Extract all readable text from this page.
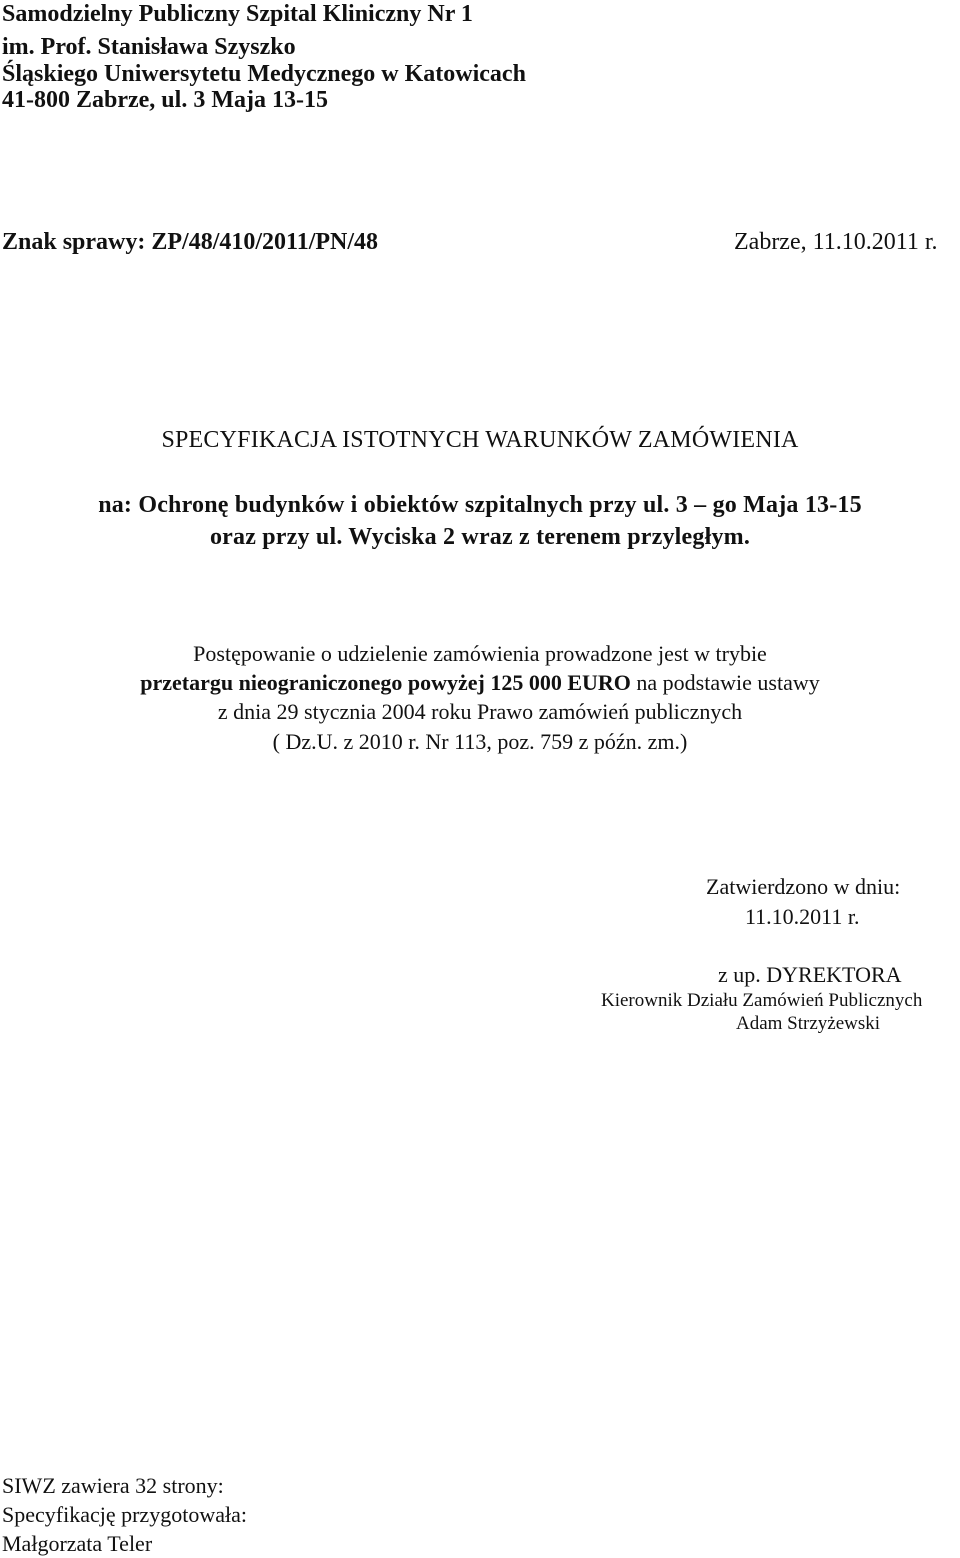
Samodzielny Publiczny Szpital Kliniczny Nr 1
im. Prof. Stanisława Szyszko
Śląskiego Uniwersytetu Medycznego w Katowicach
41-800 Zabrze, ul. 3 Maja 13-15
Znak sprawy: ZP/48/410/2011/PN/48	Zabrze, 11.10.2011 r.
SPECYFIKACJA ISTOTNYCH WARUNKÓW ZAMÓWIENIA
na: Ochronę budynków i obiektów szpitalnych przy ul. 3 – go Maja 13-15
oraz przy ul. Wyciska 2 wraz z terenem przyległym.
Postępowanie o udzielenie zamówienia prowadzone jest w trybie
przetargu nieograniczonego powyżej 125 000 EURO na podstawie ustawy
z dnia 29 stycznia 2004 roku Prawo zamówień publicznych
( Dz.U. z 2010 r. Nr 113, poz. 759 z późn. zm.)
Zatwierdzono w dniu:
11.10.2011 r.
z up. DYREKTORA
Kierownik Działu Zamówień Publicznych
Adam Strzyżewski
SIWZ zawiera 32 strony:
Specyfikację przygotowała:
Małgorzata Teler
